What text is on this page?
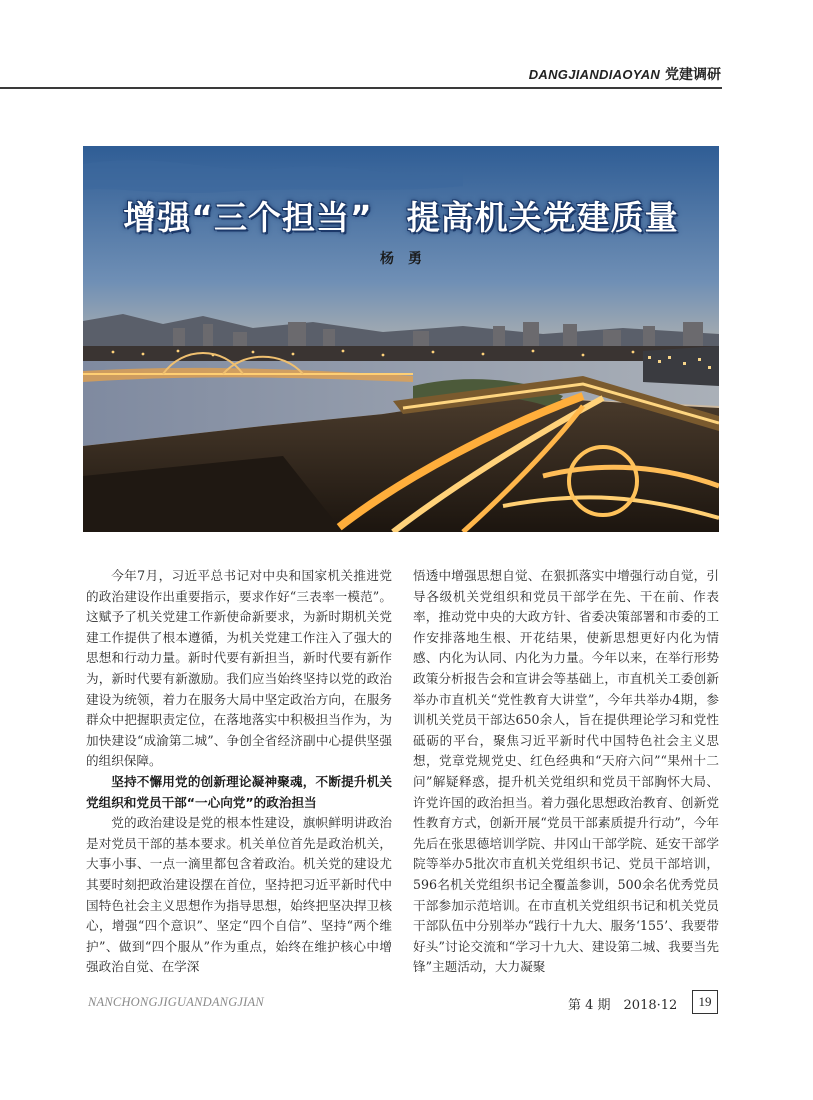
DANGJIANDIAOYAN 党建调研
增强“三个担当”　提高机关党建质量
杨勇

今年7月，习近平总书记对中央和国家机关推进党的政治建设作出重要指示，要求作好“三表率一模范”。这赋予了机关党建工作新使命新要求，为新时期机关党建工作提供了根本遵循，为机关党建工作注入了强大的思想和行动力量。新时代要有新担当，新时代要有新作为，新时代要有新激励。我们应当始终坚持以党的政治建设为统领，着力在服务大局中坚定政治方向，在服务群众中把握职责定位，在落地落实中积极担当作为，为加快建设“成渝第二城”、争创全省经济副中心提供坚强的组织保障。

坚持不懈用党的创新理论凝神聚魂，不断提升机关党组织和党员干部“一心向党”的政治担当

党的政治建设是党的根本性建设，旗帜鲜明讲政治是对党员干部的基本要求。机关单位首先是政治机关，大事小事、一点一滴里都包含着政治。机关党的建设尤其要时刻把政治建设摆在首位，坚持把习近平新时代中国特色社会主义思想作为指导思想，始终把坚决捍卫核心，增强“四个意识”、坚定“四个自信”、坚持“两个维护”、做到“四个服从”作为重点，始终在维护核心中增强政治自觉、在学深

悟透中增强思想自觉、在狠抓落实中增强行动自觉，引导各级机关党组织和党员干部学在先、干在前、作表率，推动党中央的大政方针、省委决策部署和市委的工作安排落地生根、开花结果，使新思想更好内化为情感、内化为认同、内化为力量。今年以来，在举行形势政策分析报告会和宣讲会等基础上，市直机关工委创新举办市直机关“党性教育大讲堂”，今年共举办4期，参训机关党员干部达650余人，旨在提供理论学习和党性砥砺的平台，聚焦习近平新时代中国特色社会主义思想，党章党规党史、红色经典和“天府六问”“果州十二问”解疑释惑，提升机关党组织和党员干部胸怀大局、许党许国的政治担当。着力强化思想政治教育、创新党性教育方式，创新开展“党员干部素质提升行动”，今年先后在张思德培训学院、井冈山干部学院、延安干部学院等举办5批次市直机关党组织书记、党员干部培训，596名机关党组织书记全覆盖参训，500余名优秀党员干部参加示范培训。在市直机关党组织书记和机关党员干部队伍中分别举办“践行十九大、服务‘155’、我要带好头”讨论交流和“学习十九大、建设第二城、我要当先锋”主题活动，大力凝聚

NANCHONGJIGUANDANGJIAN	第 4 期　2018·12	19
